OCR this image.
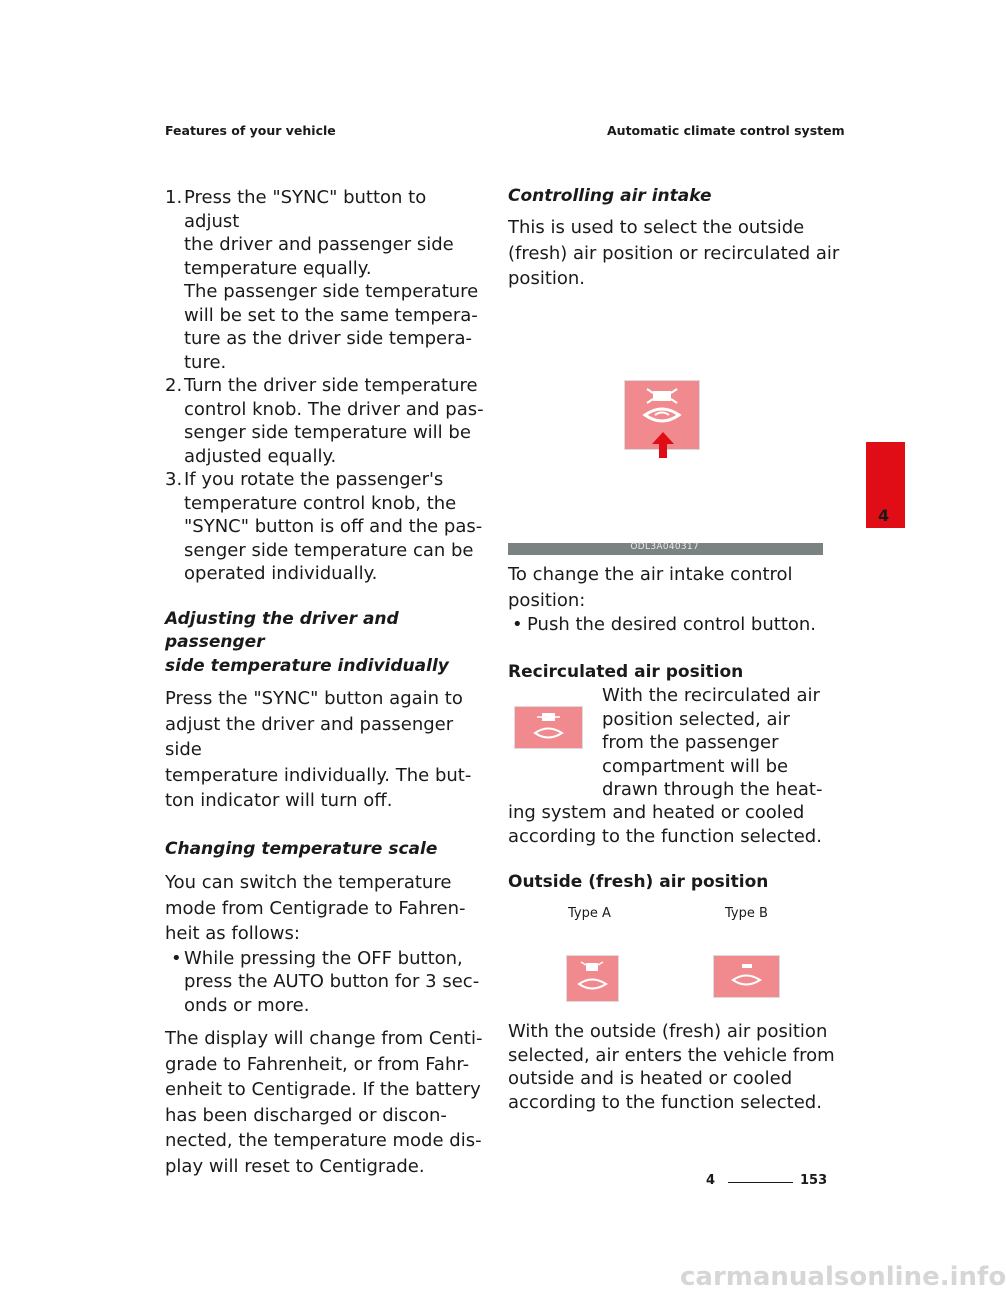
Features of your vehicle	Automatic climate control system
1. Press the "SYNC" button to adjust
the driver and passenger side
temperature equally.
The passenger side temperature
will be set to the same tempera-
ture as the driver side tempera-
ture.
2. Turn the driver side temperature
control knob. The driver and pas-
senger side temperature will be
adjusted equally.
3. If you rotate the passenger's
temperature control knob, the
"SYNC" button is off and the pas-
senger side temperature can be
operated individually.

Adjusting the driver and passenger
side temperature individually

Press the "SYNC" button again to
adjust the driver and passenger side
temperature individually. The but-
ton indicator will turn off.

Changing temperature scale

You can switch the temperature
mode from Centigrade to Fahren-
heit as follows:

• While pressing the OFF button,
press the AUTO button for 3 sec-
onds or more.

The display will change from Centi-
grade to Fahrenheit, or from Fahr-
enheit to Centigrade. If the battery
has been discharged or discon-
nected, the temperature mode dis-
play will reset to Centigrade.

Controlling air intake

This is used to select the outside
(fresh) air position or recirculated air
position.

ODL3A040317

To change the air intake control
position:

• Push the desired control button.

Recirculated air position

With the recirculated air
position selected, air
from the passenger
compartment will be
drawn through the heat-

ing system and heated or cooled
according to the function selected.

Outside (fresh) air position

Type A	Type B

With the outside (fresh) air position
selected, air enters the vehicle from
outside and is heated or cooled
according to the function selected.

4
4	153
carmanualsonline.info
